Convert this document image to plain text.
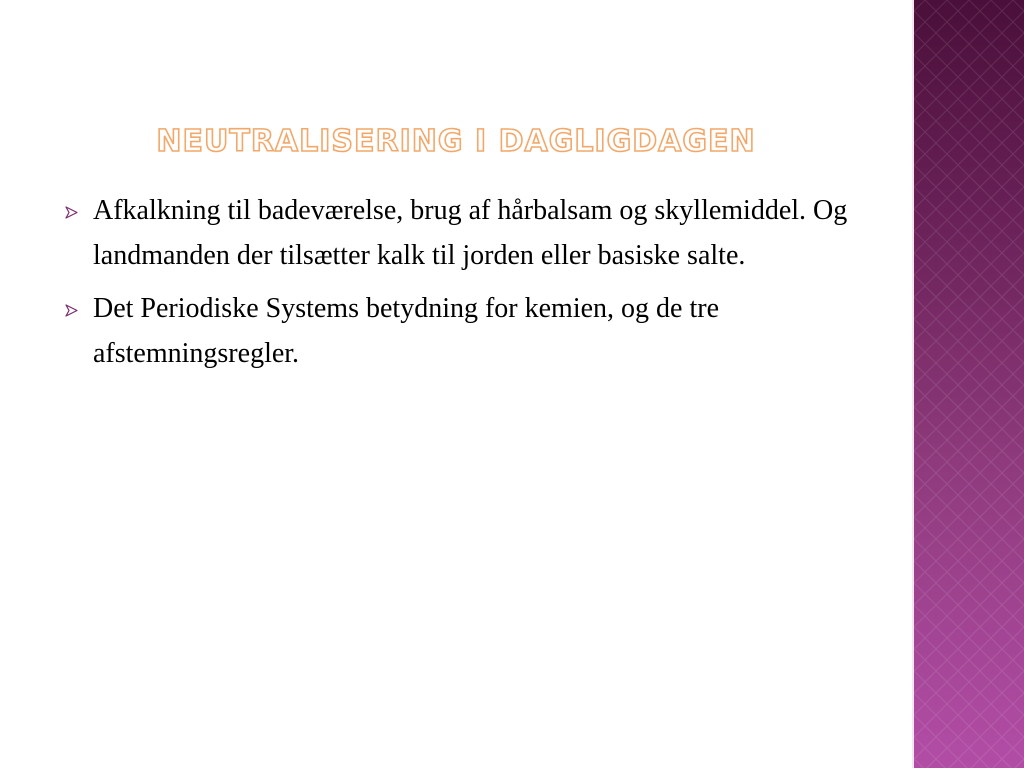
NEUTRALISERING I DAGLIGDAGEN
Afkalkning til badeværelse, brug af hårbalsam og skyllemiddel. Og landmanden der tilsætter kalk til jorden eller basiske salte.
Det Periodiske Systems betydning for kemien, og de tre afstemningsregler.
